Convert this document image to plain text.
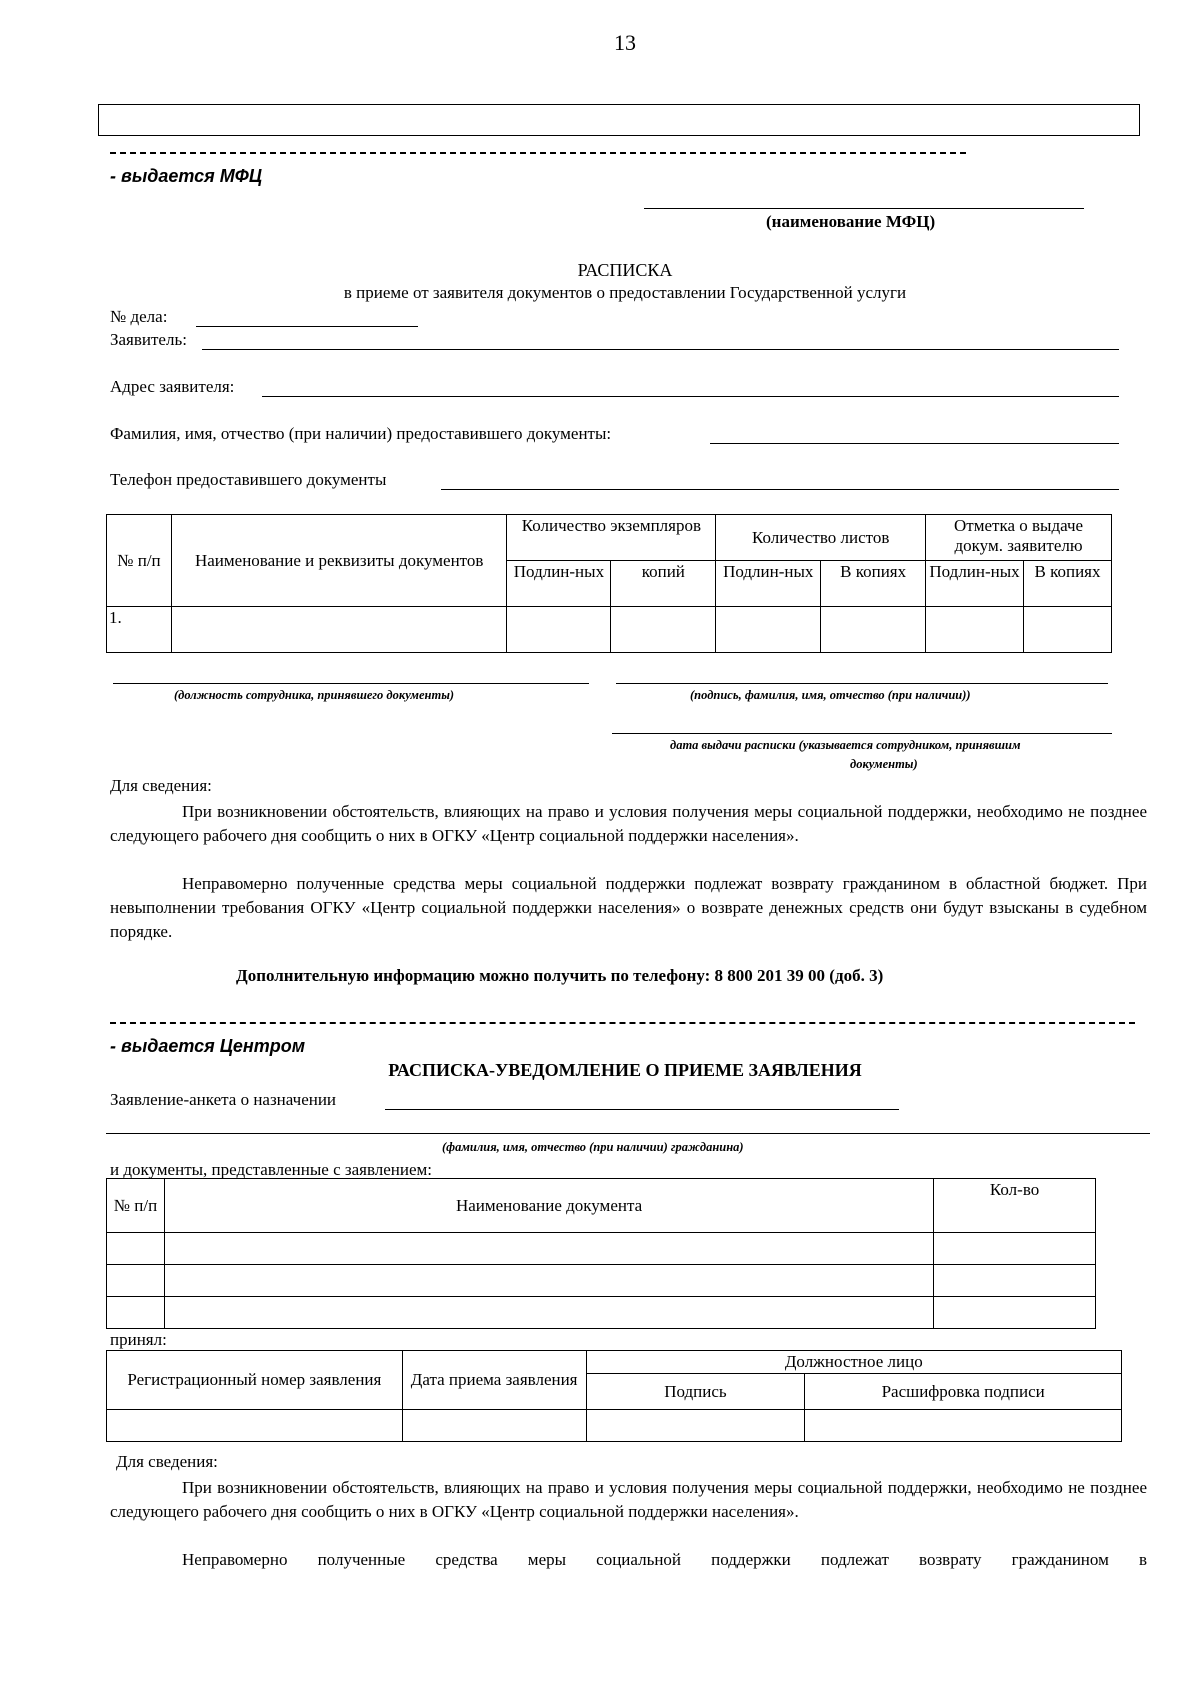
13
- выдается МФЦ
(наименование МФЦ)
РАСПИСКА
в приеме от заявителя документов о предоставлении Государственной услуги
№ дела:
Заявитель:
Адрес заявителя:
Фамилия, имя, отчество (при наличии) предоставившего документы:
Телефон предоставившего документы
№ п/п	Наименование и реквизиты документов	Количество экземпляров		Количество листов		Отметка о выдаче докум. заявителю	
		Подлин-ных	копий	Подлин-ных	В копиях	Подлин-ных	В копиях
1.							
(должность сотрудника, принявшего документы)	(подпись, фамилия, имя, отчество (при наличии))
дата выдачи расписки (указывается сотрудником, принявшим
документы)
Для сведения:
При возникновении обстоятельств, влияющих на право и условия получения меры социальной поддержки, необходимо не позднее следующего рабочего дня сообщить о них в ОГКУ «Центр социальной поддержки населения».
Неправомерно полученные средства меры социальной поддержки подлежат возврату гражданином в областной бюджет. При невыполнении требования ОГКУ «Центр социальной поддержки населения» о возврате денежных средств они будут взысканы в судебном порядке.
Дополнительную информацию можно получить по телефону: 8 800 201 39 00 (доб. 3)
- выдается Центром
РАСПИСКА-УВЕДОМЛЕНИЕ О ПРИЕМЕ ЗАЯВЛЕНИЯ
Заявление-анкета о назначении
(фамилия, имя, отчество (при наличии) гражданина)
и документы, представленные с заявлением:
№ п/п	Наименование документа	Кол-во

принял:
Регистрационный номер заявления	Дата приема заявления	Должностное лицо	
		Подпись	Расшифровка подписи

Для сведения:
При возникновении обстоятельств, влияющих на право и условия получения меры социальной поддержки, необходимо не позднее следующего рабочего дня сообщить о них в ОГКУ «Центр социальной поддержки населения».
Неправомерно полученные средства меры социальной поддержки подлежат возврату гражданином в
